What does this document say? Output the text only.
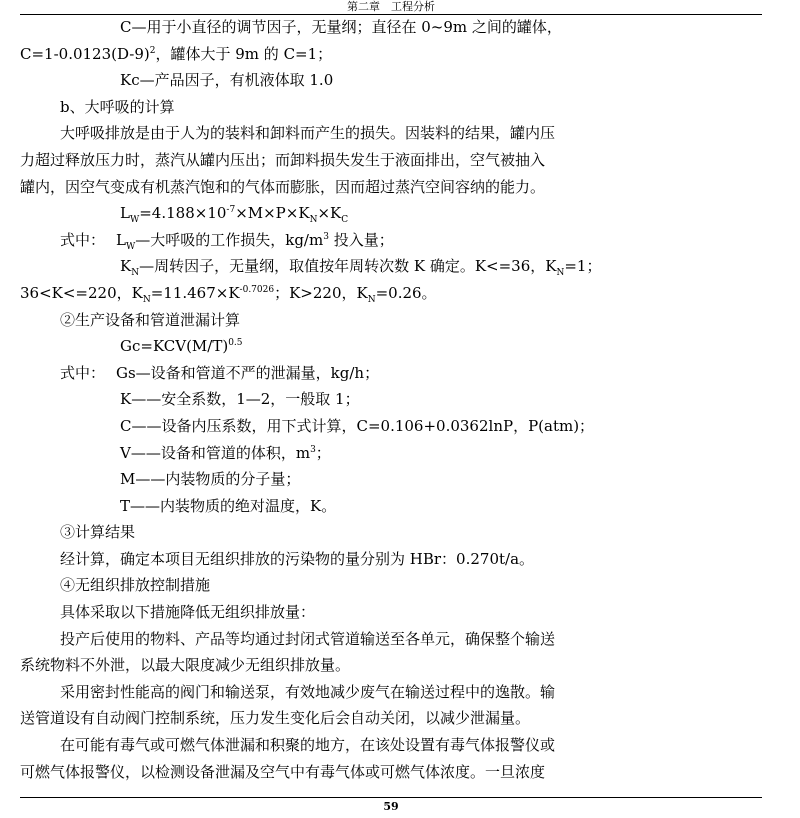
第二章　工程分析
C—用于小直径的调节因子，无量纲；直径在 0~9m 之间的罐体，
$C=1-0.0123(D-9)^2$，罐体大于 9m 的 C=1；
Kc—产品因子，有机液体取 1.0
b、大呼吸的计算
大呼吸排放是由于人为的装料和卸料而产生的损失。因装料的结果，罐内压
力超过释放压力时，蒸汽从罐内压出；而卸料损失发生于液面排出，空气被抽入
罐内，因空气变成有机蒸汽饱和的气体而膨胀，因而超过蒸汽空间容纳的能力。
$L_W=4.188\times 10^{-7}\times M\times P\times K_N\times K_C$
式中： $L_W—$大呼吸的工作损失，$kg/m^3$ 投入量；
$K_N—$周转因子，无量纲，取值按年周转次数 K 确定。K<=36，$K_N=1$；
36<K<=220，$K_N=11.467\times K^{-0.7026}$；K>220，$K_N=0.26$。
②生产设备和管道泄漏计算
$Gc=KCV(M/T)^{0.5}$
式中： Gs—设备和管道不严的泄漏量，kg/h；
K——安全系数，1—2，一般取 1；
C——设备内压系数，用下式计算，C=0.106+0.0362lnP，P(atm)；
V——设备和管道的体积，$m^3$；
M——内装物质的分子量；
T——内装物质的绝对温度，K。
③计算结果
经计算，确定本项目无组织排放的污染物的量分别为 HBr：0.270t/a。
④无组织排放控制措施
具体采取以下措施降低无组织排放量：
投产后使用的物料、产品等均通过封闭式管道输送至各单元，确保整个输送
系统物料不外泄，以最大限度减少无组织排放量。
采用密封性能高的阀门和输送泵，有效地减少废气在输送过程中的逸散。输
送管道设有自动阀门控制系统，压力发生变化后会自动关闭，以减少泄漏量。
在可能有毒气或可燃气体泄漏和积聚的地方，在该处设置有毒气体报警仪或
可燃气体报警仪，以检测设备泄漏及空气中有毒气体或可燃气体浓度。一旦浓度
59
